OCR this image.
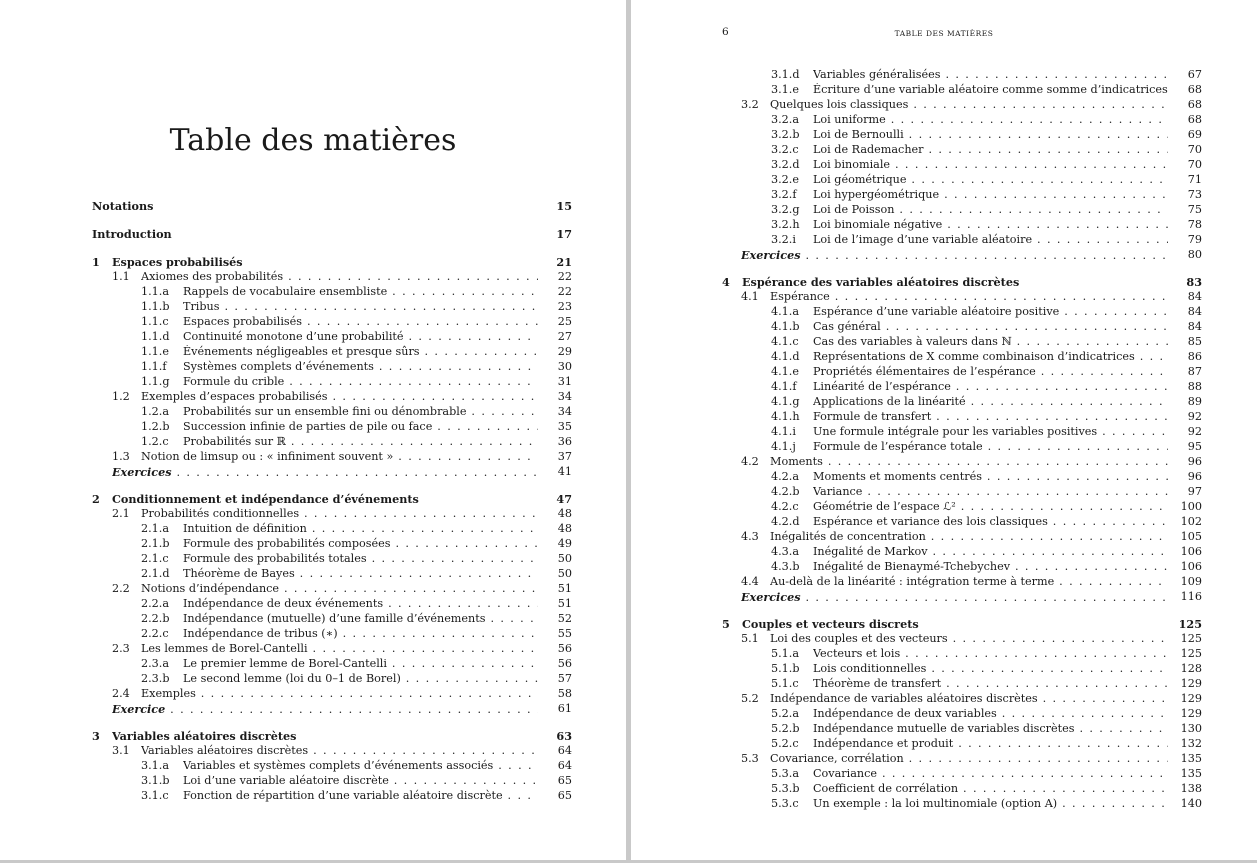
Table des matières
Notations	15
Introduction	17
1 Espaces probabilisés	21
1.1 Axiomes des probabilités . . .	22
1.1.a Rappels de vocabulaire ensembliste . . .	22
1.1.b Tribus . . .	23
1.1.c Espaces probabilisés . . .	25
1.1.d Continuité monotone d’une probabilité . . .	27
1.1.e Événements négligeables et presque sûrs . . .	29
1.1.f Systèmes complets d’événements . . .	30
1.1.g Formule du crible . . .	31
1.2 Exemples d’espaces probabilisés . . .	34
1.2.a Probabilités sur un ensemble fini ou dénombrable . . .	34
1.2.b Succession infinie de parties de pile ou face . . .	35
1.2.c Probabilités sur ℝ . . .	36
1.3 Notion de limsup ou : « infiniment souvent » . . .	37
Exercices . . .	41
2 Conditionnement et indépendance d’événements	47
2.1 Probabilités conditionnelles . . .	48
2.1.a Intuition de définition . . .	48
2.1.b Formule des probabilités composées . . .	49
2.1.c Formule des probabilités totales . . .	50
2.1.d Théorème de Bayes . . .	50
2.2 Notions d’indépendance . . .	51
2.2.a Indépendance de deux événements . . .	51
2.2.b Indépendance (mutuelle) d’une famille d’événements . . .	52
2.2.c Indépendance de tribus (∗) . . .	55
2.3 Les lemmes de Borel-Cantelli . . .	56
2.3.a Le premier lemme de Borel-Cantelli . . .	56
2.3.b Le second lemme (loi du 0–1 de Borel) . . .	57
2.4 Exemples . . .	58
Exercice . . .	61
3 Variables aléatoires discrètes	63
3.1 Variables aléatoires discrètes . . .	64
3.1.a Variables et systèmes complets d’événements associés . . .	64
3.1.b Loi d’une variable aléatoire discrète . . .	65
3.1.c Fonction de répartition d’une variable aléatoire discrète . . .	65
6	TABLE DES MATIÈRES
3.1.d Variables généralisées . . .	67
3.1.e Écriture d’une variable aléatoire comme somme d’indicatrices . . . 68
3.2 Quelques lois classiques . . .	68
3.2.a Loi uniforme . . .	68
3.2.b Loi de Bernoulli . . .	69
3.2.c Loi de Rademacher . . .	70
3.2.d Loi binomiale . . .	70
3.2.e Loi géométrique . . .	71
3.2.f Loi hypergéométrique . . .	73
3.2.g Loi de Poisson . . .	75
3.2.h Loi binomiale négative . . .	78
3.2.i Loi de l’image d’une variable aléatoire . . .	79
Exercices . . .	80
4 Espérance des variables aléatoires discrètes	83
4.1 Espérance . . .	84
4.1.a Espérance d’une variable aléatoire positive . . .	84
4.1.b Cas général . . .	84
4.1.c Cas des variables à valeurs dans ℕ . . .	85
4.1.d Représentations de X comme combinaison d’indicatrices . . .	86
4.1.e Propriétés élémentaires de l’espérance . . .	87
4.1.f Linéarité de l’espérance . . .	88
4.1.g Applications de la linéarité . . .	89
4.1.h Formule de transfert . . .	92
4.1.i Une formule intégrale pour les variables positives . . .	92
4.1.j Formule de l’espérance totale . . .	95
4.2 Moments . . .	96
4.2.a Moments et moments centrés . . .	96
4.2.b Variance . . .	97
4.2.c Géométrie de l’espace ℒ² . . .	100
4.2.d Espérance et variance des lois classiques . . .	102
4.3 Inégalités de concentration . . .	105
4.3.a Inégalité de Markov . . .	106
4.3.b Inégalité de Bienaymé-Tchebychev . . .	106
4.4 Au-delà de la linéarité : intégration terme à terme . . .	109
Exercices . . .	116
5 Couples et vecteurs discrets	125
5.1 Loi des couples et des vecteurs . . .	125
5.1.a Vecteurs et lois . . .	125
5.1.b Lois conditionnelles . . .	128
5.1.c Théorème de transfert . . .	129
5.2 Indépendance de variables aléatoires discrètes . . .	129
5.2.a Indépendance de deux variables . . .	129
5.2.b Indépendance mutuelle de variables discrètes . . .	130
5.2.c Indépendance et produit . . .	132
5.3 Covariance, corrélation . . .	135
5.3.a Covariance . . .	135
5.3.b Coefficient de corrélation . . .	138
5.3.c Un exemple : la loi multinomiale (option A) . . .	140
